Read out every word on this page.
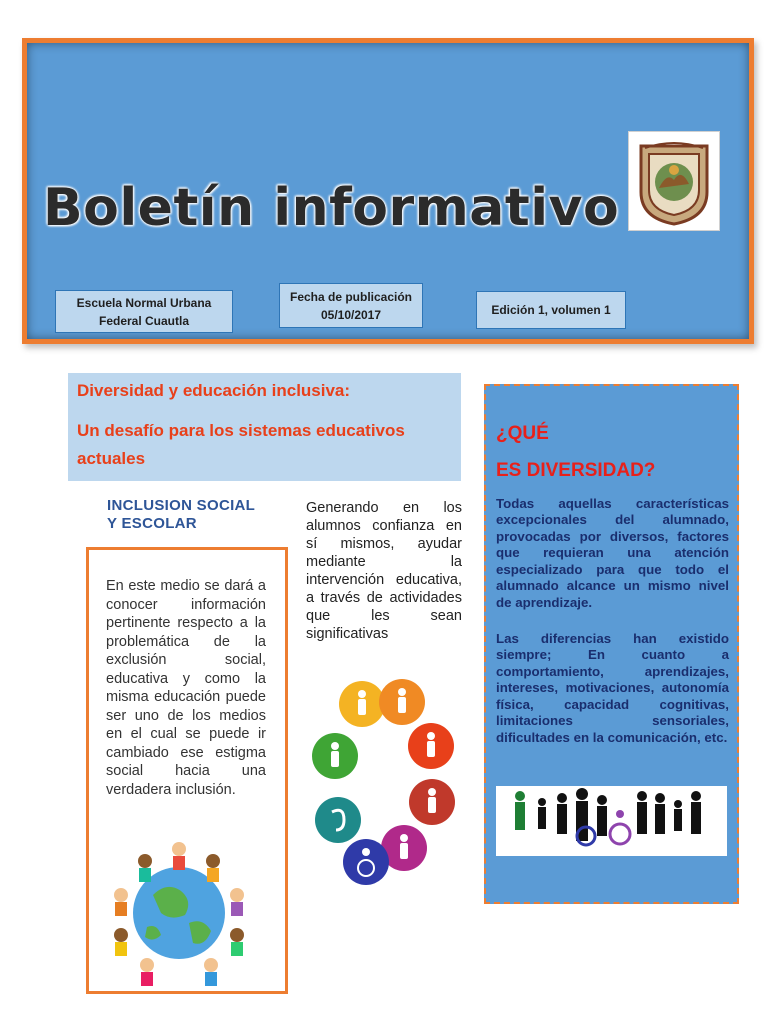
Boletín informativo
Escuela Normal Urbana
Federal Cuautla
Fecha de publicación
05/10/2017	Edición 1, volumen 1

Diversidad y educación inclusiva:

Un desafío para los sistemas educativos actuales

INCLUSION SOCIAL Y ESCOLAR

En este medio se dará a conocer información pertinente respecto a la problemática de la exclusión social, educativa y como la misma educación puede ser uno de los medios en el cual se puede ir cambiado ese estigma social hacia una verdadera inclusión.

Generando en los alumnos confianza en sí mismos, ayudar mediante la intervención educativa, a través de actividades que les sean significativas

¿QUÉ

ES DIVERSIDAD?

Todas aquellas características excepcionales del alumnado, provocadas por diversos, factores que requieran una atención especializado para que todo el alumnado alcance un mismo nivel de aprendizaje.

Las diferencias han existido siempre; En cuanto a comportamiento, aprendizajes, intereses, motivaciones, autonomía física, capacidad cognitivas, limitaciones sensoriales, dificultades en la comunicación, etc.
